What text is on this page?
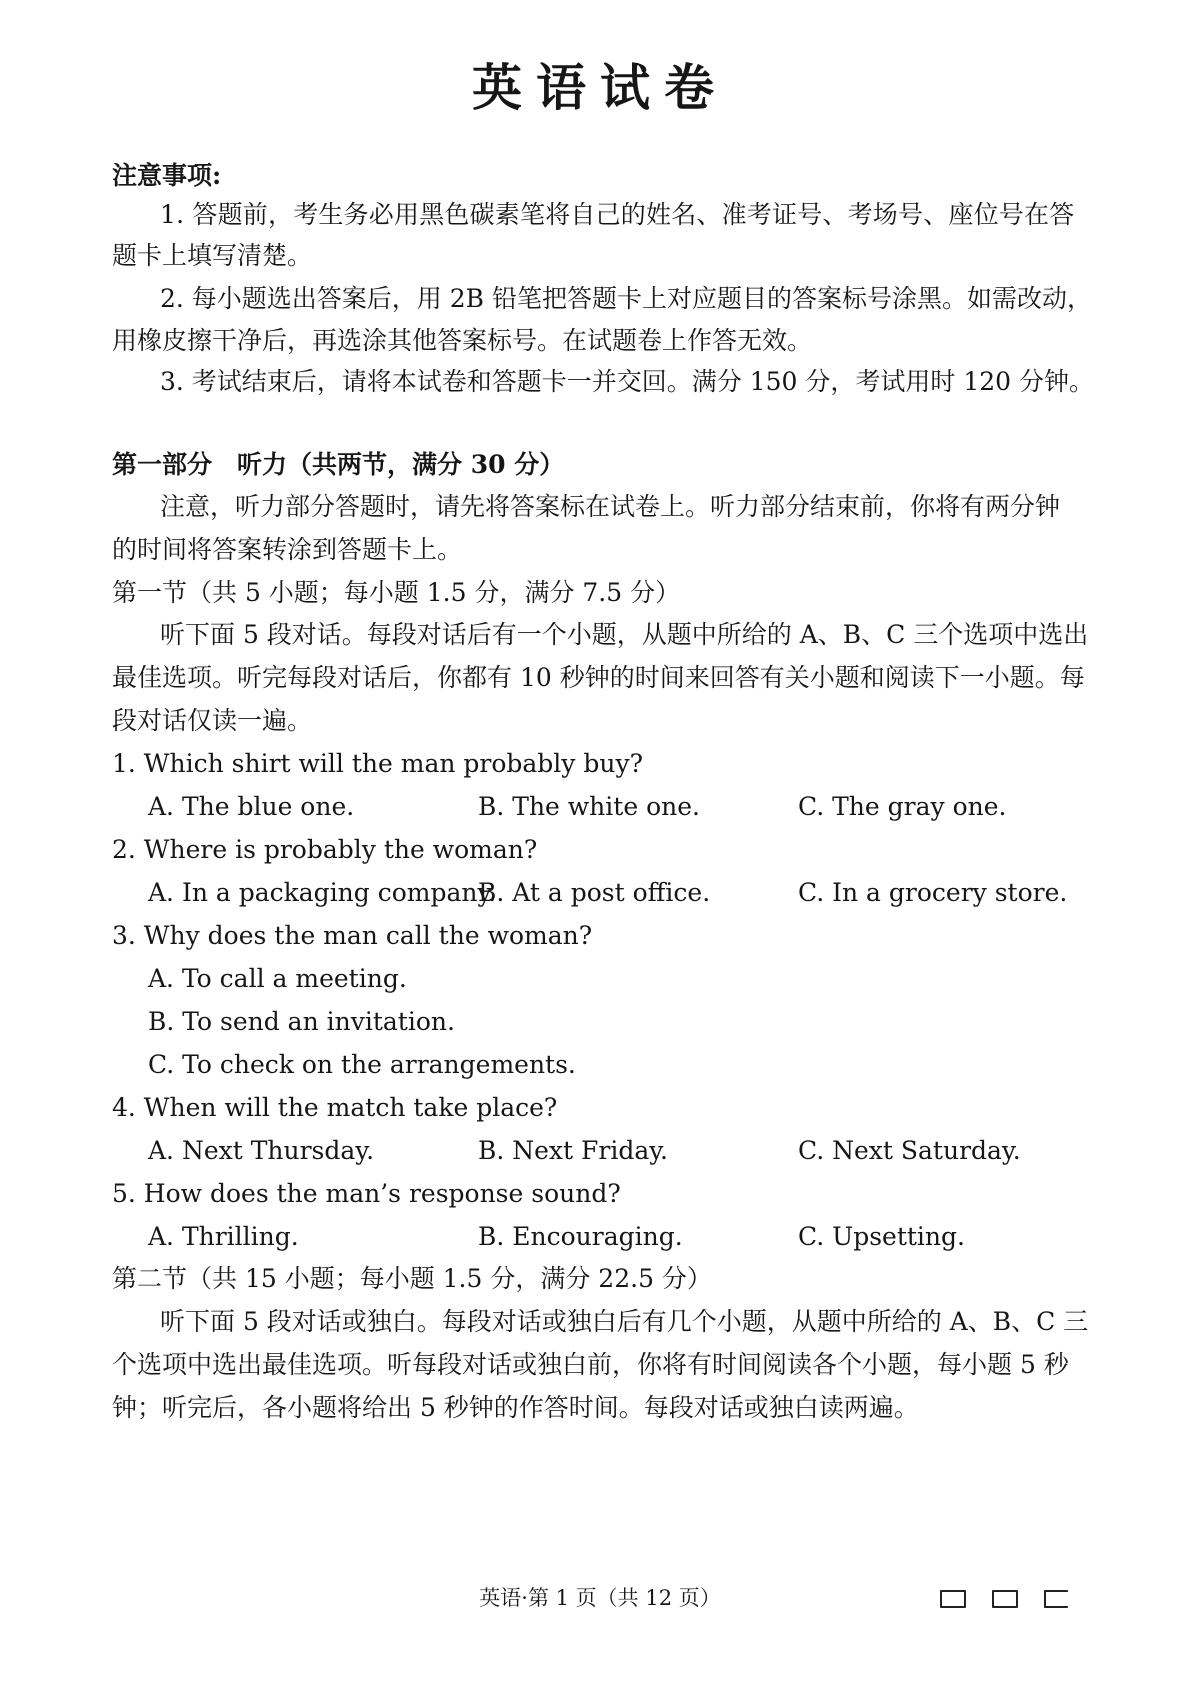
英语试卷
注意事项:
1. 答题前，考生务必用黑色碳素笔将自己的姓名、准考证号、考场号、座位号在答
题卡上填写清楚。
2. 每小题选出答案后，用 2B 铅笔把答题卡上对应题目的答案标号涂黑。如需改动，
用橡皮擦干净后，再选涂其他答案标号。在试题卷上作答无效。
3. 考试结束后，请将本试卷和答题卡一并交回。满分 150 分，考试用时 120 分钟。
第一部分　听力（共两节，满分 30 分）
注意，听力部分答题时，请先将答案标在试卷上。听力部分结束前，你将有两分钟
的时间将答案转涂到答题卡上。
第一节（共 5 小题；每小题 1.5 分，满分 7.5 分）
听下面 5 段对话。每段对话后有一个小题，从题中所给的 A、B、C 三个选项中选出
最佳选项。听完每段对话后，你都有 10 秒钟的时间来回答有关小题和阅读下一小题。每
段对话仅读一遍。
1. Which shirt will the man probably buy?
A. The blue one.	B. The white one.	C. The gray one.
2. Where is probably the woman?
A. In a packaging company.
B. At a post office.	C. In a grocery store.
3. Why does the man call the woman?
A. To call a meeting.
B. To send an invitation.
C. To check on the arrangements.
4. When will the match take place?
A. Next Thursday.	B. Next Friday.	C. Next Saturday.
5. How does the man’s response sound?
A. Thrilling.	B. Encouraging.	C. Upsetting.
第二节（共 15 小题；每小题 1.5 分，满分 22.5 分）
听下面 5 段对话或独白。每段对话或独白后有几个小题，从题中所给的 A、B、C 三
个选项中选出最佳选项。听每段对话或独白前，你将有时间阅读各个小题，每小题 5 秒
钟；听完后，各小题将给出 5 秒钟的作答时间。每段对话或独白读两遍。
英语·第 1 页（共 12 页）
